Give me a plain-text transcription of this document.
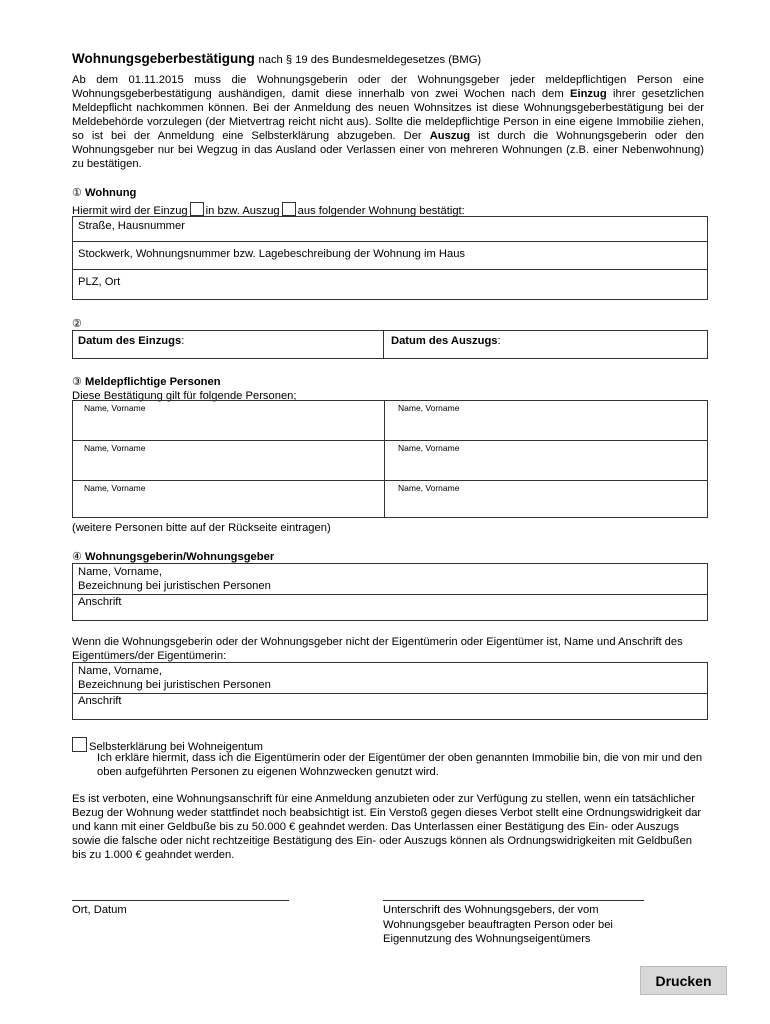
Wohnungsgeberbestätigung nach § 19 des Bundesmeldegesetzes (BMG)
Ab dem 01.11.2015 muss die Wohnungsgeberin oder der Wohnungsgeber jeder meldepflichtigen Person eine Wohnungsgeberbestätigung aushändigen, damit diese innerhalb von zwei Wochen nach dem Einzug ihrer gesetzlichen Meldepflicht nachkommen können. Bei der Anmeldung des neuen Wohnsitzes ist diese Wohnungsgeberbestätigung bei der Meldebehörde vorzulegen (der Mietvertrag reicht nicht aus). Sollte die meldepflichtige Person in eine eigene Immobilie ziehen, so ist bei der Anmeldung eine Selbsterklärung abzugeben. Der Auszug ist durch die Wohnungsgeberin oder den Wohnungsgeber nur bei Wegzug in das Ausland oder Verlassen einer von mehreren Wohnungen (z.B. einer Nebenwohnung) zu bestätigen.
① Wohnung
Hiermit wird der Einzug in bzw. Auszug aus folgender Wohnung bestätigt:
Straße, Hausnummer
Stockwerk, Wohnungsnummer bzw. Lagebeschreibung der Wohnung im Haus
PLZ, Ort
②
Datum des Einzugs:	Datum des Auszugs:
③ Meldepflichtige Personen
Diese Bestätigung gilt für folgende Personen;
Name, Vorname	Name, Vorname
Name, Vorname	Name, Vorname
Name, Vorname	Name, Vorname
(weitere Personen bitte auf der Rückseite eintragen)
④ Wohnungsgeberin/Wohnungsgeber
Name, Vorname,
Bezeichnung bei juristischen Personen
Anschrift
Wenn die Wohnungsgeberin oder der Wohnungsgeber nicht der Eigentümerin oder Eigentümer ist, Name und Anschrift des Eigentümers/der Eigentümerin:
Name, Vorname,
Bezeichnung bei juristischen Personen
Anschrift
Selbsterklärung bei Wohneigentum
Ich erkläre hiermit, dass ich die Eigentümerin oder der Eigentümer der oben genannten Immobilie bin, die von mir und den oben aufgeführten Personen zu eigenen Wohnzwecken genutzt wird.
Es ist verboten, eine Wohnungsanschrift für eine Anmeldung anzubieten oder zur Verfügung zu stellen, wenn ein tatsächlicher Bezug der Wohnung weder stattfindet noch beabsichtigt ist. Ein Verstoß gegen dieses Verbot stellt eine Ordnungswidrigkeit dar und kann mit einer Geldbuße bis zu 50.000 € geahndet werden. Das Unterlassen einer Bestätigung des Ein- oder Auszugs sowie die falsche oder nicht rechtzeitige Bestätigung des Ein- oder Auszugs können als Ordnungswidrigkeiten mit Geldbußen bis zu 1.000 € geahndet werden.
Ort, Datum	Unterschrift des Wohnungsgebers, der vom Wohnungsgeber beauftragten Person oder bei Eigennutzung des Wohnungseigentümers
Drucken
